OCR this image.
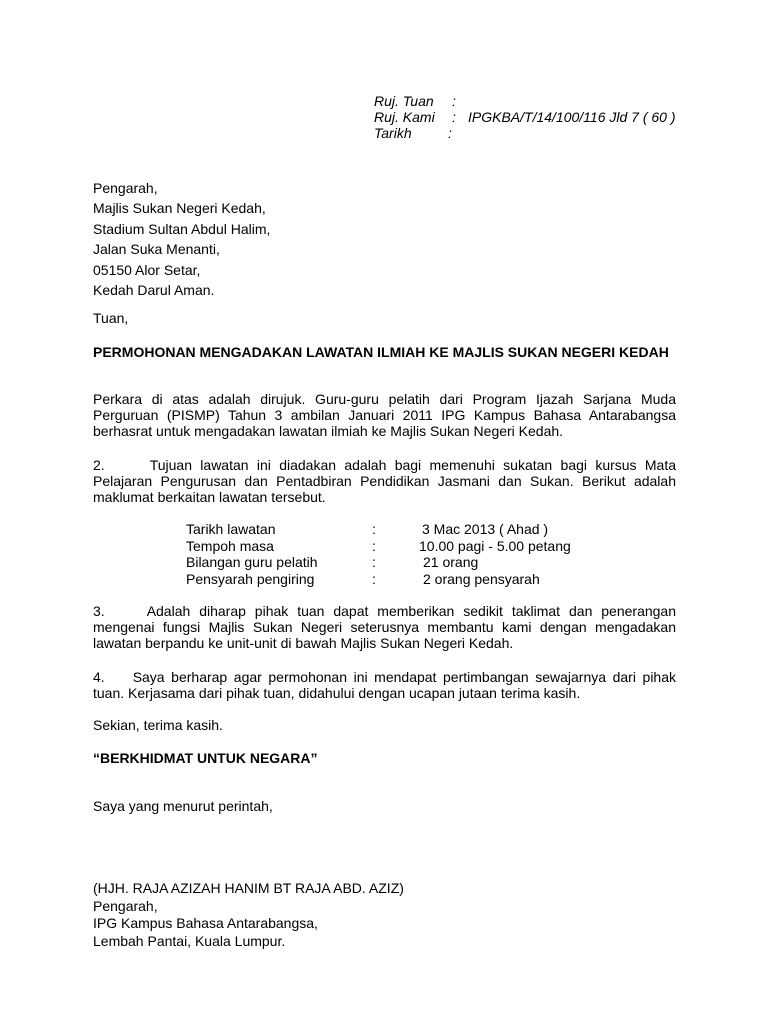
Ruj. Tuan :
Ruj. Kami : IPGKBA/T/14/100/116 Jld 7 ( 60 )
Tarikh	:
Pengarah,
Majlis Sukan Negeri Kedah,
Stadium Sultan Abdul Halim,
Jalan Suka Menanti,
05150 Alor Setar,
Kedah Darul Aman.
Tuan,
PERMOHONAN MENGADAKAN LAWATAN ILMIAH KE MAJLIS SUKAN NEGERI KEDAH
Perkara di atas adalah dirujuk. Guru-guru pelatih dari Program Ijazah Sarjana Muda Perguruan (PISMP) Tahun 3 ambilan Januari 2011 IPG Kampus Bahasa Antarabangsa berhasrat untuk mengadakan lawatan ilmiah ke Majlis Sukan Negeri Kedah.
2.	Tujuan lawatan ini diadakan adalah bagi memenuhi sukatan bagi kursus Mata Pelajaran Pengurusan dan Pentadbiran Pendidikan Jasmani dan Sukan. Berikut adalah maklumat berkaitan lawatan tersebut.
Tarikh lawatan	:	3 Mac 2013 ( Ahad )
Tempoh masa	:	10.00 pagi - 5.00 petang
Bilangan guru pelatih	:	21 orang
Pensyarah pengiring	:	2 orang pensyarah
3.	Adalah diharap pihak tuan dapat memberikan sedikit taklimat dan penerangan mengenai fungsi Majlis Sukan Negeri seterusnya membantu kami dengan mengadakan lawatan berpandu ke unit-unit di bawah Majlis Sukan Negeri Kedah.
4. Saya berharap agar permohonan ini mendapat pertimbangan sewajarnya dari pihak tuan. Kerjasama dari pihak tuan, didahului dengan ucapan jutaan terima kasih.
Sekian, terima kasih.
“BERKHIDMAT UNTUK NEGARA”
Saya yang menurut perintah,
(HJH. RAJA AZIZAH HANIM BT RAJA ABD. AZIZ)
Pengarah,
IPG Kampus Bahasa Antarabangsa,
Lembah Pantai, Kuala Lumpur.
